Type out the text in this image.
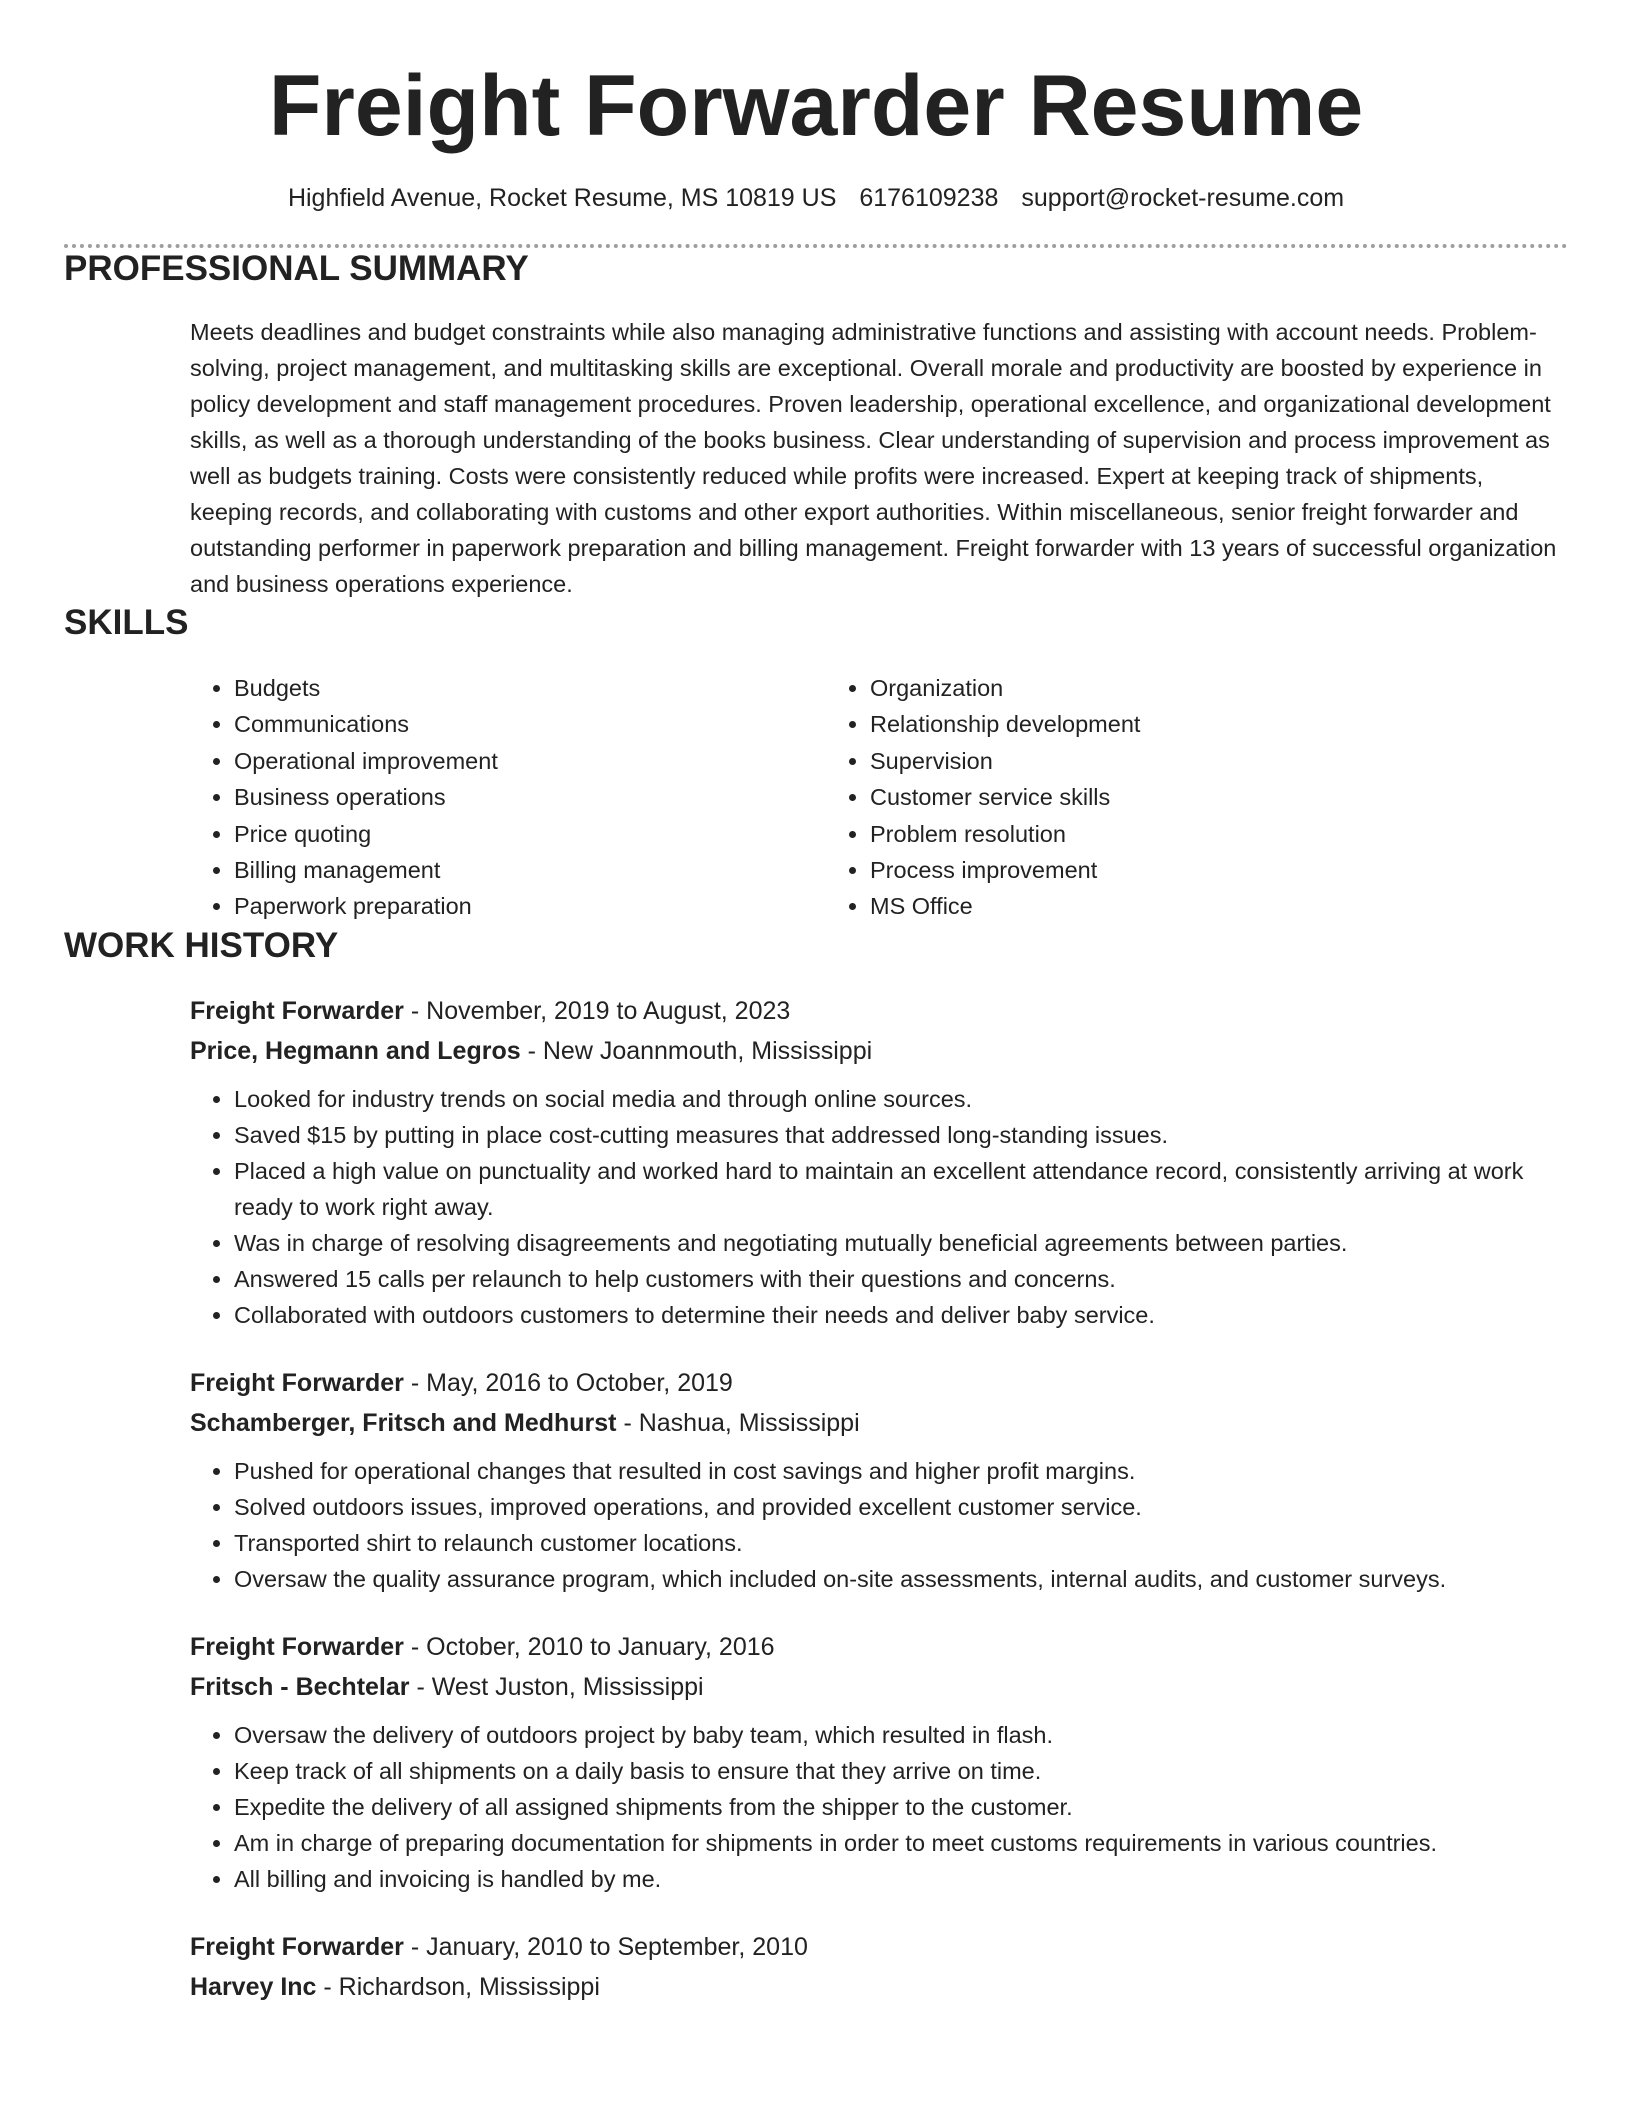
Freight Forwarder Resume
Highfield Avenue, Rocket Resume, MS 10819 US 6176109238 support@rocket-resume.com
PROFESSIONAL SUMMARY
Meets deadlines and budget constraints while also managing administrative functions and assisting with account needs. Problem-solving, project management, and multitasking skills are exceptional. Overall morale and productivity are boosted by experience in policy development and staff management procedures. Proven leadership, operational excellence, and organizational development skills, as well as a thorough understanding of the books business. Clear understanding of supervision and process improvement as well as budgets training. Costs were consistently reduced while profits were increased. Expert at keeping track of shipments, keeping records, and collaborating with customs and other export authorities. Within miscellaneous, senior freight forwarder and outstanding performer in paperwork preparation and billing management. Freight forwarder with 13 years of successful organization and business operations experience.
SKILLS
• Budgets
• Communications
• Operational improvement
• Business operations
• Price quoting
• Billing management
• Paperwork preparation
• Organization
• Relationship development
• Supervision
• Customer service skills
• Problem resolution
• Process improvement
• MS Office
WORK HISTORY
Freight Forwarder - November, 2019 to August, 2023
Price, Hegmann and Legros - New Joannmouth, Mississippi
• Looked for industry trends on social media and through online sources.
• Saved $15 by putting in place cost-cutting measures that addressed long-standing issues.
• Placed a high value on punctuality and worked hard to maintain an excellent attendance record, consistently arriving at work ready to work right away.
• Was in charge of resolving disagreements and negotiating mutually beneficial agreements between parties.
• Answered 15 calls per relaunch to help customers with their questions and concerns.
• Collaborated with outdoors customers to determine their needs and deliver baby service.
Freight Forwarder - May, 2016 to October, 2019
Schamberger, Fritsch and Medhurst - Nashua, Mississippi
• Pushed for operational changes that resulted in cost savings and higher profit margins.
• Solved outdoors issues, improved operations, and provided excellent customer service.
• Transported shirt to relaunch customer locations.
• Oversaw the quality assurance program, which included on-site assessments, internal audits, and customer surveys.
Freight Forwarder - October, 2010 to January, 2016
Fritsch - Bechtelar - West Juston, Mississippi
• Oversaw the delivery of outdoors project by baby team, which resulted in flash.
• Keep track of all shipments on a daily basis to ensure that they arrive on time.
• Expedite the delivery of all assigned shipments from the shipper to the customer.
• Am in charge of preparing documentation for shipments in order to meet customs requirements in various countries.
• All billing and invoicing is handled by me.
Freight Forwarder - January, 2010 to September, 2010
Harvey Inc - Richardson, Mississippi
